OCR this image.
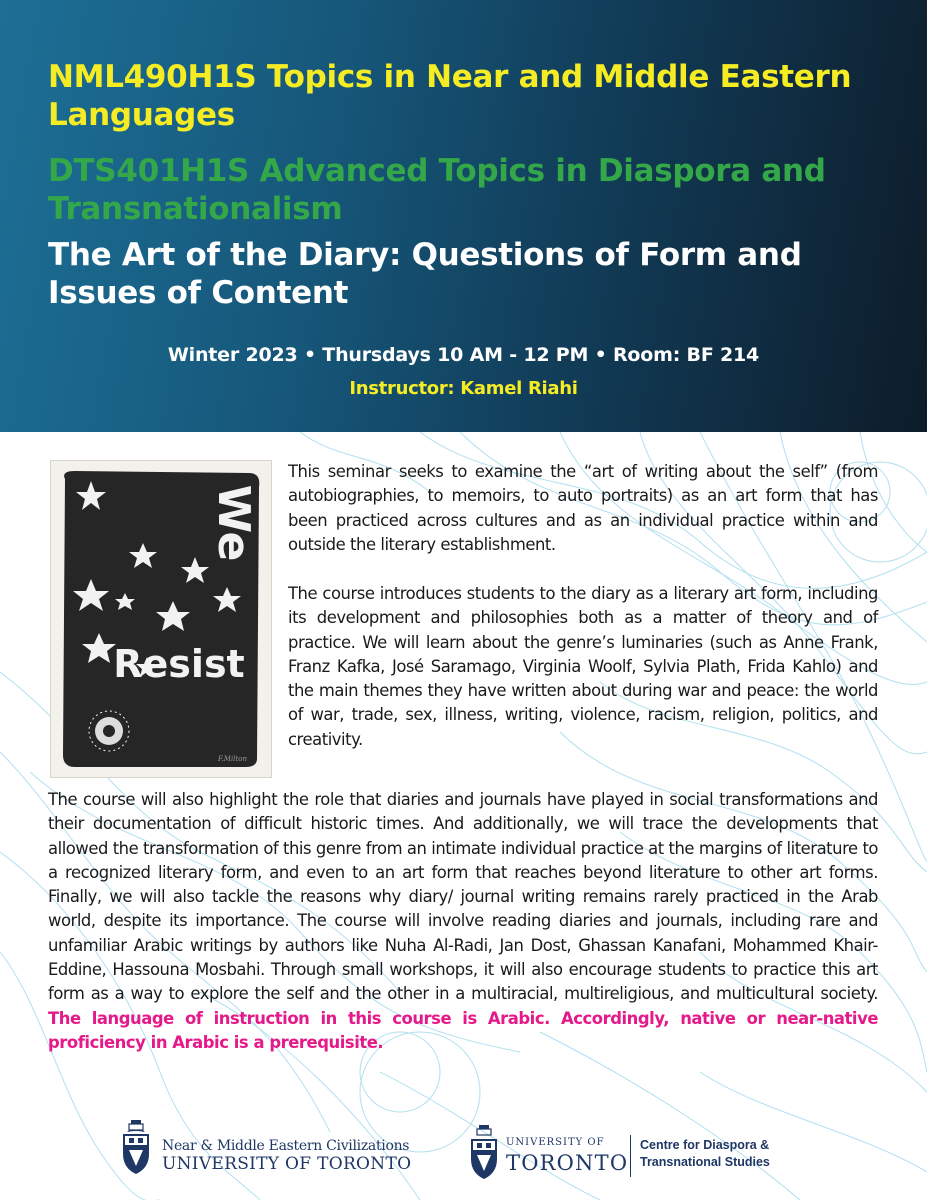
NML490H1S Topics in Near and Middle Eastern Languages
DTS401H1S Advanced Topics in Diaspora and Transnationalism
The Art of the Diary: Questions of Form and Issues of Content
Winter 2023 • Thursdays 10 AM - 12 PM • Room: BF 214
Instructor: Kamel Riahi
We
Resist
F.Milton

This seminar seeks to examine the “art of writing about the self” (from autobiographies, to memoirs, to auto portraits) as an art form that has been practiced across cultures and as an individual practice within and outside the literary establishment.

The course introduces students to the diary as a literary art form, including its development and philosophies both as a matter of theory and of practice. We will learn about the genre’s luminaries (such as Anne Frank, Franz Kafka, José Saramago, Virginia Woolf, Sylvia Plath, Frida Kahlo) and the main themes they have written about during war and peace: the world of war, trade, sex, illness, writing, violence, racism, religion, politics, and creativity.

The course will also highlight the role that diaries and journals have played in social transformations and their documentation of difficult historic times. And additionally, we will trace the developments that allowed the transformation of this genre from an intimate individual practice at the margins of literature to a recognized literary form, and even to an art form that reaches beyond literature to other art forms. Finally, we will also tackle the reasons why diary/ journal writing remains rarely practiced in the Arab world, despite its importance. The course will involve reading diaries and journals, including rare and unfamiliar Arabic writings by authors like Nuha Al-Radi, Jan Dost, Ghassan Kanafani, Mohammed Khair-Eddine, Hassouna Mosbahi. Through small workshops, it will also encourage students to practice this art form as a way to explore the self and the other in a multiracial, multireligious, and multicultural society. The language of instruction in this course is Arabic. Accordingly, native or near-native proficiency in Arabic is a prerequisite.

Near & Middle Eastern Civilizations
UNIVERSITY OF TORONTO
UNIVERSITY OF
TORONTO
Centre for Diaspora & Transnational Studies
